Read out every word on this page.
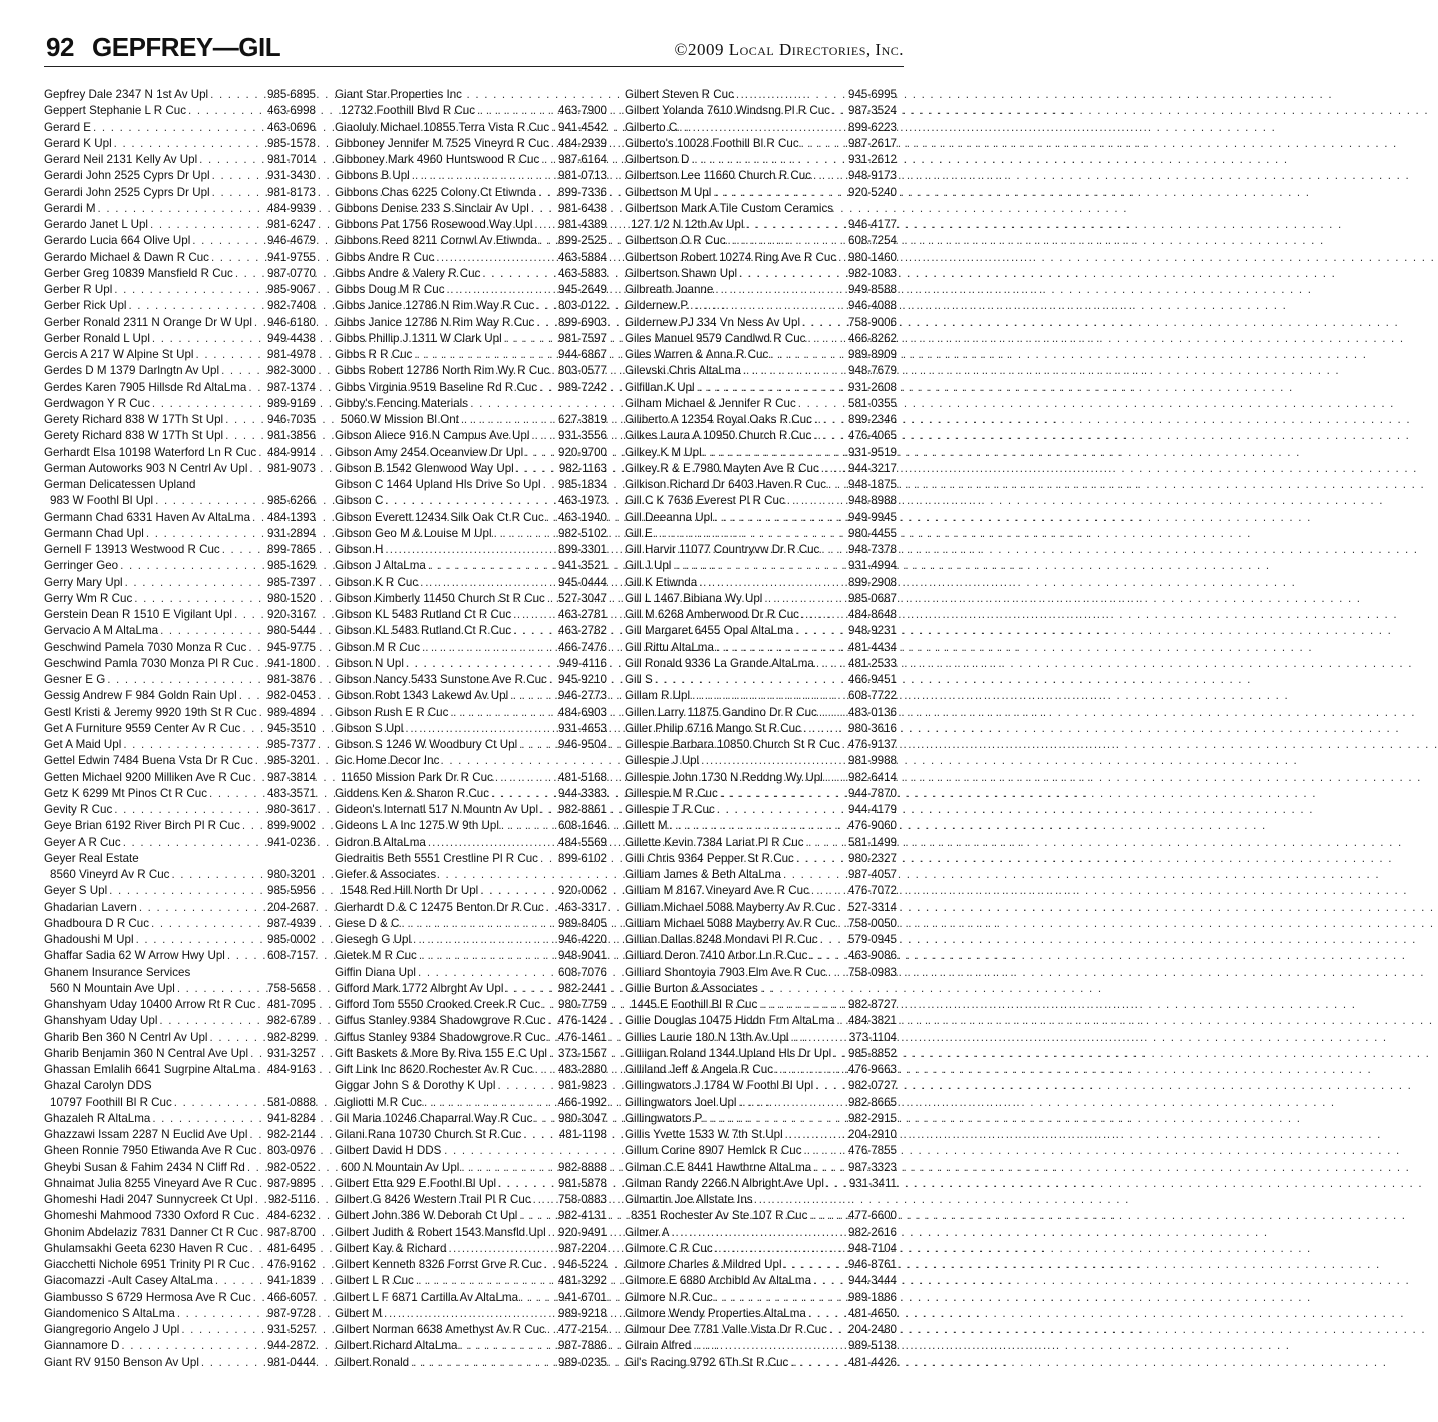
92 GEPFREY—GIL	©2009 Local Directories, Inc.
Gepfrey Dale 2347 N 1st Av Upl . . .	985-6895
Geppert Stephanie L R Cuc . . .	463-6998
Gerard E . . .	463-0696
Gerard K Upl . . .	985-1578
Gerard Neil 2131 Kelly Av Upl . . .	981-7014
Gerardi John 2525 Cyprs Dr Upl . . .	931-3430
Gerardi John 2525 Cyprs Dr Upl . . .	981-8173
Gerardi M . . .	484-9939
Gerardo Janet L Upl . . .	981-6247
Gerardo Lucia 664 Olive Upl . . .	946-4679
Gerardo Michael & Dawn R Cuc . . .	941-9755
Gerber Greg 10839 Mansfield R Cuc . . .	987-0770
Gerber R Upl . . .	985-9067
Gerber Rick Upl . . .	982-7408
Gerber Ronald 2311 N Orange Dr W Upl . . . 946-6180
Gerber Ronald L Upl . . .	949-4438
Gercis A 217 W Alpine St Upl . . .	981-4978
Gerdes D M 1379 Darlngtn Av Upl . . .	982-3000
Gerdes Karen 7905 Hillsde Rd AltaLma . . . 987-1374
Gerdwagon Y R Cuc . . .	989-9169
Gerety Richard 838 W 17Th St Upl . . .	946-7035
Gerety Richard 838 W 17Th St Upl . . .	981-3856
Gerhardt Elsa 10198 Waterford Ln R Cuc . . . 484-9914
German Autoworks 903 N Centrl Av Upl . . . 981-9073
German Delicatessen Upland
983 W Foothl Bl Upl . . .	985-6266
Germann Chad 6331 Haven Av AltaLma . . . 484-1393
Germann Chad Upl . . .	931-2894
Gernell F 13913 Westwood R Cuc . . .	899-7865
Gerringer Geo . . .	985-1629
Gerry Mary Upl . . .	985-7397
Gerry Wm R Cuc . . .	980-1520
Gerstein Dean R 1510 E Vigilant Upl . . .	920-3167
Gervacio A M AltaLma . . .	980-5444
Geschwind Pamela 7030 Monza R Cuc . . . 945-9775
Geschwind Pamla 7030 Monza Pl R Cuc . . . 941-1800
Gesner E G . . .	981-3876
Gessig Andrew F 984 Goldn Rain Upl . . .	982-0453
Gestl Kristi & Jeremy 9920 19th St R Cuc . . . 989-4894
Get A Furniture 9559 Center Av R Cuc . . . 945-3510
Get A Maid Upl . . .	985-7377
Gettel Edwin 7484 Buena Vsta Dr R Cuc . . . 985-3201
Getten Michael 9200 Milliken Ave R Cuc . . . 987-3814
Getz K 6299 Mt Pinos Ct R Cuc . . .	483-3571
Gevity R Cuc . . .	980-3617
Geye Brian 6192 River Birch Pl R Cuc . . . 899-9002
Geyer A R Cuc . . .	941-0236
Geyer Real Estate
8560 Vineyrd Av R Cuc . . .	980-3201
Geyer S Upl . . .	985-5956
Ghadarian Lavern . . .	204-2687
Ghadboura D R Cuc . . .	987-4939
Ghadoushi M Upl . . .	985-0002
Ghaffar Sadia 62 W Arrow Hwy Upl . . .	608-7157
Ghanem Insurance Services
560 N Mountain Ave Upl . . .	758-5658
Ghanshyam Uday 10400 Arrow Rt R Cuc . . . 481-7095
Ghanshyam Uday Upl . . .	982-6789
Gharib Ben 360 N Centrl Av Upl . . .	982-8299
Gharib Benjamin 360 N Central Ave Upl . . . 931-3257
Ghassan Emlalih 6641 Sugrpine AltaLma . . . 484-9163
Ghazal Carolyn DDS
10797 Foothill Bl R Cuc . . .	581-0888
Ghazaleh R AltaLma . . .	941-8284
Ghazzawi Issam 2287 N Euclid Ave Upl . . . 982-2144
Gheen Ronnie 7950 Etiwanda Ave R Cuc . . . 803-0976
Gheybi Susan & Fahim 2434 N Cliff Rd . . . 982-0522
Ghnaimat Julia 8255 Vineyard Ave R Cuc . . . 987-9895
Ghomeshi Hadi 2047 Sunnycreek Ct Upl . . . 982-5116
Ghomeshi Mahmood 7330 Oxford R Cuc . . . 484-6232
Ghonim Abdelaziz 7831 Danner Ct R Cuc . . . 987-8700
Ghulamsakhi Geeta 6230 Haven R Cuc . . . 481-6495
Giacchetti Nichole 6951 Trinity Pl R Cuc . . . 476-9162
Giacomazzi -Ault Casey AltaLma . . .	941-1839
Giambusso S 6729 Hermosa Ave R Cuc . . . 466-6057
Giandomenico S AltaLma . . .	987-9728
Giangregorio Angelo J Upl . . .	931-5257
Giannamore D . . .	944-2872
Giant RV 9150 Benson Av Upl . . .	981-0444
Giant Star Properties Inc
12732 Foothill Blvd R Cuc . . .	463-7900
Giaoluly Michael 10855 Terra Vista R Cuc . . . 941-4542
Gibboney Jennifer M 7525 Vineyrd R Cuc . . . 484-2939
Gibboney Mark 4960 Huntswood R Cuc . . . 987-6164
Gibbons B Upl . . .	981-0713
Gibbons Chas 6225 Colony Ct Etiwnda . . . 899-7336
Gibbons Denise 233 S Sinclair Av Upl . . .	981-6438
Gibbons Pat 1756 Rosewood Way Upl . . . 981-4389
Gibbons Reed 8211 Cornwl Av Etiwnda . . . 899-2525
Gibbs Andre R Cuc . . .	463-5884
Gibbs Andre & Valery R Cuc . . .	463-5883
Gibbs Doug M R Cuc . . .	945-2649
Gibbs Janice 12786 N Rim Way R Cuc . . . 803-0122
Gibbs Janice 12786 N Rim Way R Cuc . . . 899-6903
Gibbs Phillip J 1311 W Clark Upl . . .	981-7597
Gibbs R R Cuc . . .	944-6867
Gibbs Robert 12786 North Rim Wy R Cuc . . . 803-0577
Gibbs Virginia 9519 Baseline Rd R Cuc . . . 989-7242
Gibby's Fencing Materials
5060 W Mission Bl Ont . . .	627-3819
Gibson Aliece 916 N Campus Ave Upl . . . 931-3556
Gibson Amy 2454 Oceanview Dr Upl . . .	920-9700
Gibson B 1542 Glenwood Way Upl . . .	982-1163
Gibson C 1464 Upland Hls Drive So Upl . . . 985-1834
Gibson C . . .	463-1973
Gibson Everett 12434 Silk Oak Ct R Cuc . . . 463-1940
Gibson Geo M & Louise M Upl . . .	982-5102
Gibson H . . .	899-3301
Gibson J AltaLma . . .	941-3521
Gibson K R Cuc . . .	945-0444
Gibson Kimberly 11450 Church St R Cuc . . . 527-3047
Gibson KL 5483 Rutland Ct R Cuc . . .	463-2781
Gibson KL 5483 Rutland Ct R Cuc . . .	463-2782
Gibson M R Cuc . . .	466-7476
Gibson N Upl . . .	949-4116
Gibson Nancy 5433 Sunstone Ave R Cuc . . . 945-9210
Gibson Robt 1343 Lakewd Av Upl . . .	946-2773
Gibson Rush E R Cuc . . .	484-6903
Gibson S Upl . . .	931-4653
Gibson S 1246 W Woodbury Ct Upl . . .	946-9504
Gic Home Decor Inc
11650 Mission Park Dr R Cuc . . .	481-5168
Giddens Ken & Sharon R Cuc . . .	944-3383
Gideon's Internatl 517 N Mountn Av Upl . . . 982-8861
Gideons L A Inc 1275 W 9th Upl . . .	608-1646
Gidron B AltaLma . . .	484-5569
Giedraitis Beth 5551 Crestline Pl R Cuc . . . 899-6102
Giefer & Associates
1548 Red Hill North Dr Upl . . .	920-0062
Gierhardt D & C 12475 Benton Dr R Cuc . . . 463-3317
Giese D & C . . .	989-8405
Giesegh G Upl . . .	946-4220
Gietek M R Cuc . . .	948-9041
Giffin Diana Upl . . .	608-7076
Gifford Mark 1772 Albrght Av Upl . . .	982-2441
Gifford Tom 5550 Crooked Creek R Cuc . . . 980-7759
Giffus Stanley 9384 Shadowgrove R Cuc . . . 476-1424
Giffus Stanley 9384 Shadowgrove R Cuc . . . 476-1461
Gift Baskets & More By Riva 155 E C Upl . . . 373-1567
Gift Link Inc 8620 Rochester Av R Cuc . . . 483-2880
Giggar John S & Dorothy K Upl . . .	981-9823
Gigliotti M R Cuc . . .	466-1992
Gil Maria 10246 Chaparral Way R Cuc . . . 980-3047
Gilani Rana 10730 Church St R Cuc . . .	481-1198
Gilbert David H DDS
600 N Mountain Av Upl . . .	982-8888
Gilbert Etta 929 E Foothl Bl Upl . . .	981-5878
Gilbert G 8426 Western Trail Pl R Cuc . . . 758-0883
Gilbert John 386 W Deborah Ct Upl . . .	982-4131
Gilbert Judith & Robert 1543 Mansfld Upl . . . 920-9491
Gilbert Kay & Richard . . .	987-2204
Gilbert Kenneth 8326 Forrst Grve R Cuc . . . 946-5224
Gilbert L R Cuc . . .	481-3292
Gilbert L F 6871 Cartilla Av AltaLma . . .	941-6701
Gilbert M . . .	989-9218
Gilbert Norman 6638 Amethyst Av R Cuc . . . 477-2154
Gilbert Richard AltaLma . . .	987-7886
Gilbert Ronald . . .	989-0235
Gilbert Steven R Cuc . . .	945-6995
Gilbert Yolanda 7610 Windsng Pl R Cuc . . . 987-3524
Gilberto C . . .	899-6223
Gilberto's 10028 Foothill Bl R Cuc . . .	987-2617
Gilbertson D . . .	931-2612
Gilbertson Lee 11660 Church R Cuc . . .	948-9173
Gilbertson M Upl . . .	920-5240
Gilbertson Mark A Tile Custom Ceramics
127 1/2 N 12th Av Upl . . .	946-4177
Gilbertson O R Cuc . . .	608-7254
Gilbertson Robert 10274 Ring Ave R Cuc . . . 980-1460
Gilbertson Shawn Upl . . .	982-1083
Gilbreath Joanne . . .	949-8588
Gildernew P . . .	946-4088
Gildernew PJ 334 Vn Ness Av Upl . . .	758-9006
Giles Manuel 9579 Candlwd R Cuc . . .	466-8262
Giles Warren & Anna R Cuc . . .	989-8909
Gilevski Chris AltaLma . . .	948-7679
Gilfillan K Upl . . .	931-2608
Gilham Michael & Jennifer R Cuc . . .	581-0355
Giliberto A 12354 Royal Oaks R Cuc . . .	899-2346
Gilkes Laura A 10950 Church R Cuc . . .	476-4065
Gilkey K M Upl . . .	931-9519
Gilkey R & E 7980 Mayten Ave R Cuc . . .	944-3217
Gilkison Richard Dr 6403 Haven R Cuc . . . 948-1875
Gill C K 7636 Everest Pl R Cuc . . .	948-8988
Gill Deeanna Upl . . .	949-9945
Gill E . . .	980-4455
Gill Harvir 11077 Countryvw Dr R Cuc . . . 948-7378
Gill J Upl . . .	931-4994
Gill K Etiwnda . . .	899-2908
Gill L 1467 Bibiana Wy Upl . . .	985-0687
Gill M 6268 Amberwood Dr R Cuc . . .	484-8648
Gill Margaret 6455 Opal AltaLma . . .	948-9231
Gill Rittu AltaLma . . .	481-4434
Gill Ronald 9336 La Grande AltaLma . . .	481-2533
Gill S . . .	466-9451
Gillam R Upl . . .	608-7722
Gillen Larry 11875 Gandino Dr R Cuc . . .	483-0136
Giller Philip 6716 Mango St R Cuc . . .	980-3616
Gillespie Barbara 10850 Church St R Cuc . . . 476-9137
Gillespie J Upl . . .	981-9988
Gillespie John 1730 N Reddng Wy Upl . . . 982-6414
Gillespie M R Cuc . . .	944-7870
Gillespie T R Cuc . . .	944-4179
Gillett M . . .	476-9060
Gillette Kevin 7384 Lariat Pl R Cuc . . .	581-1499
Gilli Chris 9364 Pepper St R Cuc . . .	980-2327
Gilliam James & Beth AltaLma . . .	987-4057
Gilliam M 8167 Vineyard Ave R Cuc . . .	476-7072
Gilliam Michael 5088 Mayberry Av R Cuc . . . 527-3314
Gilliam Michael 5088 Mayberry Av R Cuc . . . 758-0050
Gillian Dallas 8248 Mondavi Pl R Cuc . . .	579-0945
Gilliard Deron 7410 Arbor Ln R Cuc . . .	463-9086
Gilliard Shontoyia 7903 Elm Ave R Cuc . . . 758-0983
Gillie Burton & Associates
1445 E Foothill Bl R Cuc . . .	982-8727
Gillie Douglas 10475 Hiddn Frm AltaLma . . . 484-3821
Gillies Laurie 180 N 13th Av Upl . . .	373-1104
Gilliigan Roland 1344 Upland Hls Dr Upl . . . 985-8852
Gilliland Jeff & Angela R Cuc . . .	476-9663
Gillingwators J 1784 W Foothl Bl Upl . . .	982-0727
Gillingwators Joel Upl . . .	982-8665
Gillingwators P . . .	982-2915
Gillis Yvette 1533 W 7th St Upl . . .	204-2910
Gillum Corine 8907 Hemlck R Cuc . . .	476-7855
Gilman C E 8441 Hawthrne AltaLma . . .	987-3323
Gilman Randy 2266 N Albright Ave Upl . . . 931-3411
Gilmartin Joe Allstate Ins
8351 Rochester Av Ste 107 R Cuc . . .	477-6600
Gilmer A . . .	982-2616
Gilmore C R Cuc . . .	948-7104
Gilmore Charles & Mildred Upl . . .	946-8761
Gilmore E 6880 Archibld Av AltaLma . . .	944-3444
Gilmore N R Cuc . . .	989-1886
Gilmore Wendy Properties AltaLma . . .	481-4650
Gilmour Dee 7781 Valle Vista Dr R Cuc . . . 204-2480
Gilrain Alfred . . .	989-5138
Gil's Racing 9792 6Th St R Cuc . . .	481-4426
